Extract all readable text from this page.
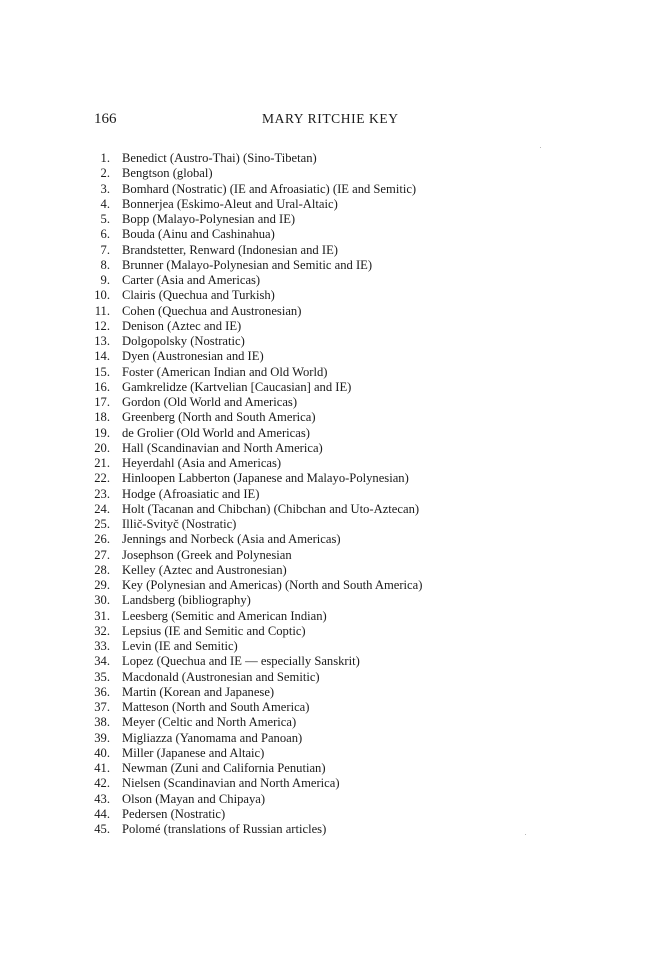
166	MARY RITCHIE KEY
1. Benedict (Austro-Thai) (Sino-Tibetan)
2. Bengtson (global)
3. Bomhard (Nostratic) (IE and Afroasiatic) (IE and Semitic)
4. Bonnerjea (Eskimo-Aleut and Ural-Altaic)
5. Bopp (Malayo-Polynesian and IE)
6. Bouda (Ainu and Cashinahua)
7. Brandstetter, Renward (Indonesian and IE)
8. Brunner (Malayo-Polynesian and Semitic and IE)
9. Carter (Asia and Americas)
10. Clairis (Quechua and Turkish)
11. Cohen (Quechua and Austronesian)
12. Denison (Aztec and IE)
13. Dolgopolsky (Nostratic)
14. Dyen (Austronesian and IE)
15. Foster (American Indian and Old World)
16. Gamkrelidze (Kartvelian [Caucasian] and IE)
17. Gordon (Old World and Americas)
18. Greenberg (North and South America)
19. de Grolier (Old World and Americas)
20. Hall (Scandinavian and North America)
21. Heyerdahl (Asia and Americas)
22. Hinloopen Labberton (Japanese and Malayo-Polynesian)
23. Hodge (Afroasiatic and IE)
24. Holt (Tacanan and Chibchan) (Chibchan and Uto-Aztecan)
25. Illič-Svityč (Nostratic)
26. Jennings and Norbeck (Asia and Americas)
27. Josephson (Greek and Polynesian
28. Kelley (Aztec and Austronesian)
29. Key (Polynesian and Americas) (North and South America)
30. Landsberg (bibliography)
31. Leesberg (Semitic and American Indian)
32. Lepsius (IE and Semitic and Coptic)
33. Levin (IE and Semitic)
34. Lopez (Quechua and IE — especially Sanskrit)
35. Macdonald (Austronesian and Semitic)
36. Martin (Korean and Japanese)
37. Matteson (North and South America)
38. Meyer (Celtic and North America)
39. Migliazza (Yanomama and Panoan)
40. Miller (Japanese and Altaic)
41. Newman (Zuni and California Penutian)
42. Nielsen (Scandinavian and North America)
43. Olson (Mayan and Chipaya)
44. Pedersen (Nostratic)
45. Polomé (translations of Russian articles)
